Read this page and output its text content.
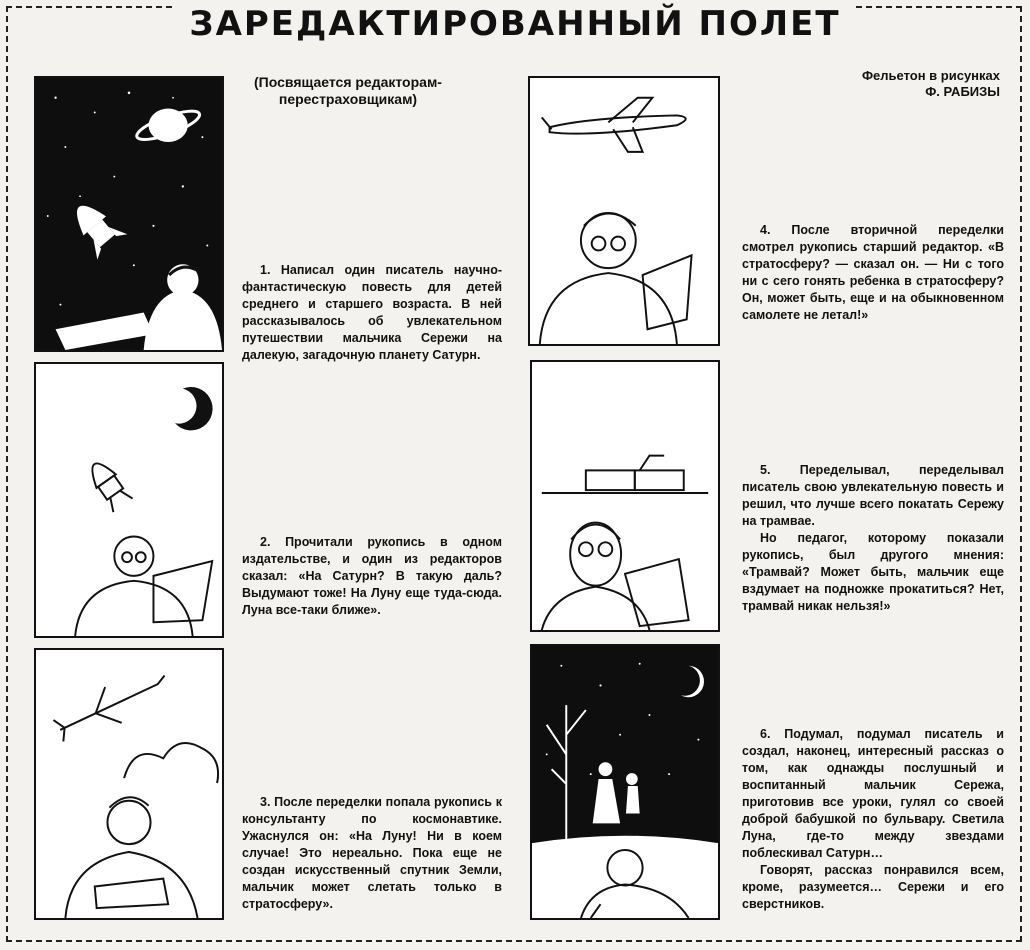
ЗАРЕДАКТИРОВАННЫЙ ПОЛЕТ
(Посвящается редакторам-перестраховщикам)
Фельетон в рисунках
Ф. РАБИЗЫ

1. Написал один писатель научно-фантастическую повесть для детей среднего и старшего возраста. В ней рассказывалось об увлекательном путешествии мальчика Сережи на далекую, загадочную планету Сатурн.

2. Прочитали рукопись в одном издательстве, и один из редакторов сказал: «На Сатурн? В такую даль? Выдумают тоже! На Луну еще туда-сюда. Луна все-таки ближе».

3. После переделки попала рукопись к консультанту по космонавтике. Ужаснулся он: «На Луну! Ни в коем случае! Это нереально. Пока еще не создан искусственный спутник Земли, мальчик может слетать только в стратосферу».

4. После вторичной переделки смотрел рукопись старший редактор. «В стратосферу? — сказал он. — Ни с того ни с сего гонять ребенка в стратосферу? Он, может быть, еще и на обыкновенном самолете не летал!»

5. Переделывал, переделывал писатель свою увлекательную повесть и решил, что лучше всего покатать Сережу на трамвае.

Но педагог, которому показали рукопись, был другого мнения: «Трамвай? Может быть, мальчик еще вздумает на подножке прокатиться? Нет, трамвай никак нельзя!»

6. Подумал, подумал писатель и создал, наконец, интересный рассказ о том, как однажды послушный и воспитанный мальчик Сережа, приготовив все уроки, гулял со своей доброй бабушкой по бульвару. Светила Луна, где-то между звездами поблескивал Сатурн…

Говорят, рассказ понравился всем, кроме, разумеется… Сережи и его сверстников.
